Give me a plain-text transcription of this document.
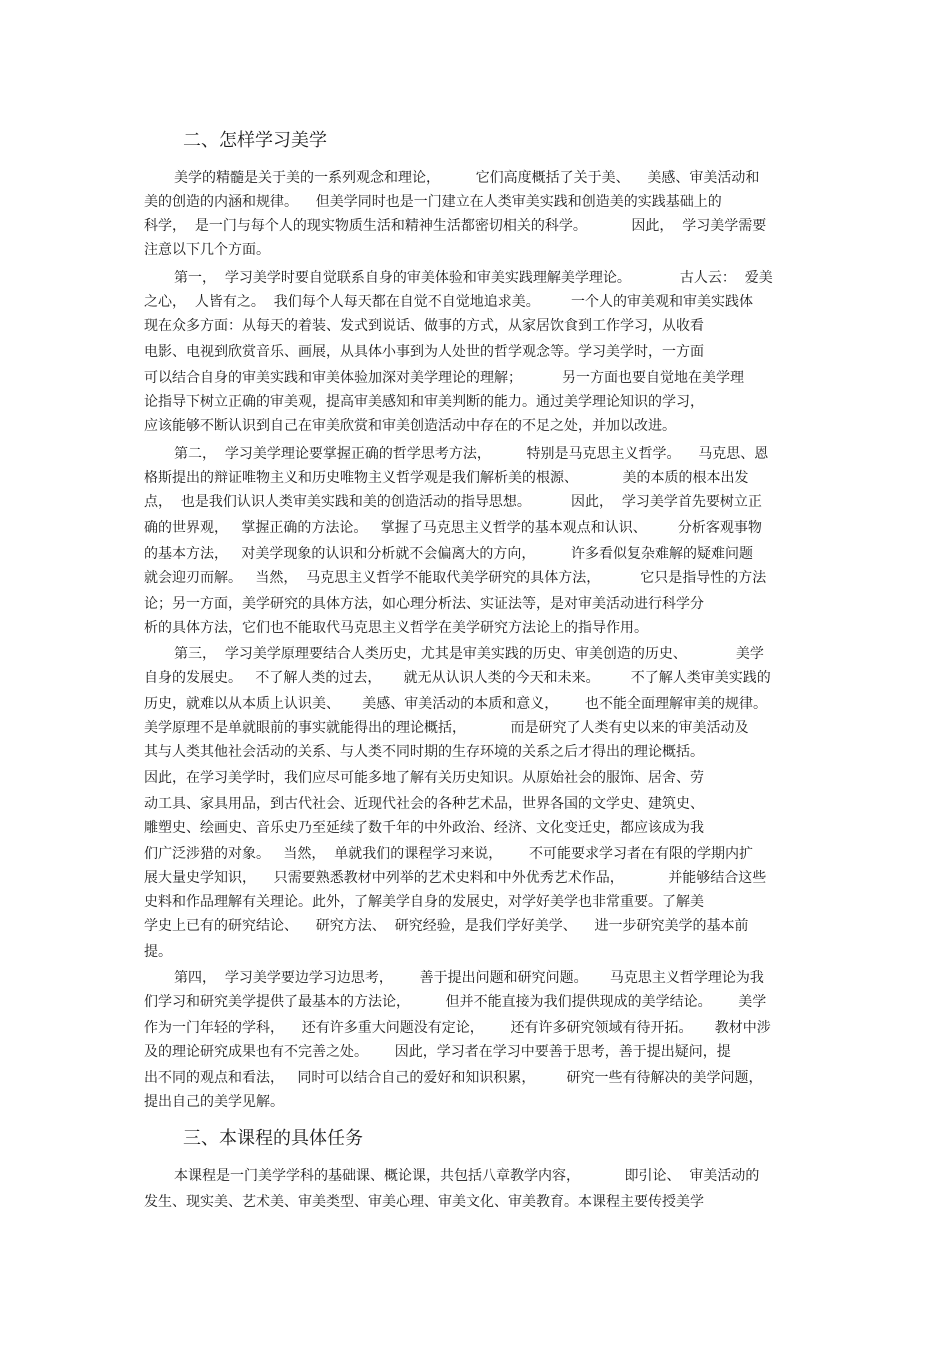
二、怎样学习美学

美学的精髓是关于美的一系列观念和理论，        它们高度概括了关于美、    美感、审美活动和

美的创造的内涵和规律。    但美学同时也是一门建立在人类审美实践和创造美的实践基础上的

科学，  是一门与每个人的现实物质生活和精神生活都密切相关的科学。          因此，  学习美学需要

注意以下几个方面。

第一，  学习美学时要自觉联系自身的审美体验和审美实践理解美学理论。           古人云：  爱美

之心，  人皆有之。  我们每个人每天都在自觉不自觉地追求美。       一个人的审美观和审美实践体

现在众多方面：从每天的着装、发式到说话、做事的方式，从家居饮食到工作学习，从收看

电影、电视到欣赏音乐、画展，从具体小事到为人处世的哲学观念等。学习美学时，一方面

可以结合自身的审美实践和审美体验加深对美学理论的理解；         另一方面也要自觉地在美学理

论指导下树立正确的审美观，提高审美感知和审美判断的能力。通过美学理论知识的学习，

应该能够不断认识到自己在审美欣赏和审美创造活动中存在的不足之处，并加以改进。

第二，  学习美学理论要掌握正确的哲学思考方法，        特别是马克思主义哲学。    马克思、恩

格斯提出的辩证唯物主义和历史唯物主义哲学观是我们解析美的根源、          美的本质的根本出发

点，  也是我们认识人类审美实践和美的创造活动的指导思想。         因此，  学习美学首先要树立正

确的世界观，   掌握正确的方法论。   掌握了马克思主义哲学的基本观点和认识、       分析客观事物

的基本方法，   对美学现象的认识和分析就不会偏离大的方向，        许多看似复杂难解的疑难问题

就会迎刃而解。   当然，  马克思主义哲学不能取代美学研究的具体方法，         它只是指导性的方法

论；另一方面，美学研究的具体方法，如心理分析法、实证法等，是对审美活动进行科学分

析的具体方法，它们也不能取代马克思主义哲学在美学研究方法论上的指导作用。

第三，  学习美学原理要结合人类历史，尤其是审美实践的历史、审美创造的历史、           美学

自身的发展史。   不了解人类的过去，     就无从认识人类的今天和未来。       不了解人类审美实践的

历史，就难以从本质上认识美、     美感、审美活动的本质和意义，      也不能全面理解审美的规律。

美学原理不是单就眼前的事实就能得出的理论概括，          而是研究了人类有史以来的审美活动及

其与人类其他社会活动的关系、与人类不同时期的生存环境的关系之后才得出的理论概括。

因此，在学习美学时，我们应尽可能多地了解有关历史知识。从原始社会的服饰、居舍、劳

动工具、家具用品，到古代社会、近现代社会的各种艺术品，世界各国的文学史、建筑史、

雕塑史、绘画史、音乐史乃至延续了数千年的中外政治、经济、文化变迁史，都应该成为我

们广泛涉猎的对象。   当然，  单就我们的课程学习来说，      不可能要求学习者在有限的学期内扩

展大量史学知识，    只需要熟悉教材中列举的艺术史料和中外优秀艺术作品，          并能够结合这些

史料和作品理解有关理论。此外，了解美学自身的发展史，对学好美学也非常重要。了解美

学史上已有的研究结论、    研究方法、  研究经验，是我们学好美学、    进一步研究美学的基本前

提。

第四，  学习美学要边学习边思考，      善于提出问题和研究问题。     马克思主义哲学理论为我

们学习和研究美学提供了最基本的方法论，        但并不能直接为我们提供现成的美学结论。      美学

作为一门年轻的学科，    还有许多重大问题没有定论，      还有许多研究领域有待开拓。     教材中涉

及的理论研究成果也有不完善之处。      因此，学习者在学习中要善于思考，善于提出疑问，提

出不同的观点和看法，   同时可以结合自己的爱好和知识积累，       研究一些有待解决的美学问题，

提出自己的美学见解。

三、本课程的具体任务

本课程是一门美学学科的基础课、概论课，共包括八章教学内容，          即引论、  审美活动的

发生、现实美、艺术美、审美类型、审美心理、审美文化、审美教育。本课程主要传授美学
